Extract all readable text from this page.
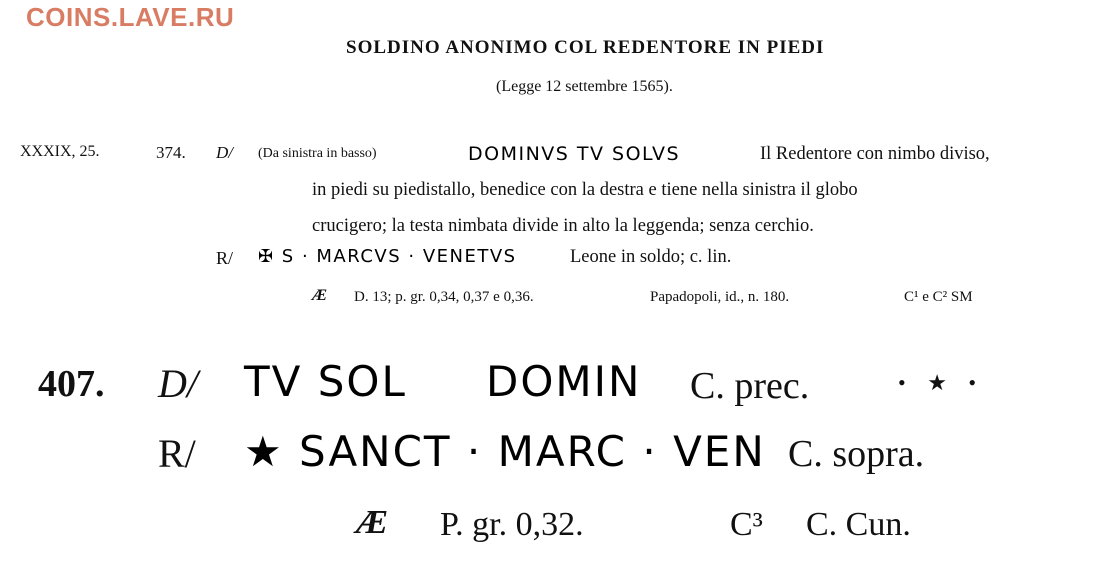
COINS.LAVE.RU
SOLDINO ANONIMO COL REDENTORE IN PIEDI
(Legge 12 settembre 1565).
XXXIX, 25.	374. D/ (Da sinistra in basso)	DOMINVS TV SOLVS	Il Redentore con nimbo diviso,
in piedi su piedistallo, benedice con la destra e tiene nella sinistra il globo
crucigero; la testa nimbata divide in alto la leggenda; senza cerchio.
R/ ✠ S · MARCVS · VENETVS	Leone in soldo; c. lin.
Æ D. 13; p. gr. 0,34, 0,37 e 0,36.	Papadopoli, id., n. 180.	C¹ e C² SM
407. D/ TV SOL DOMIN C. prec.	• ★ •
R/ ★ SANCT · MARC · VEN C. sopra.
Æ P. gr. 0,32.	C³ C. Cun.
